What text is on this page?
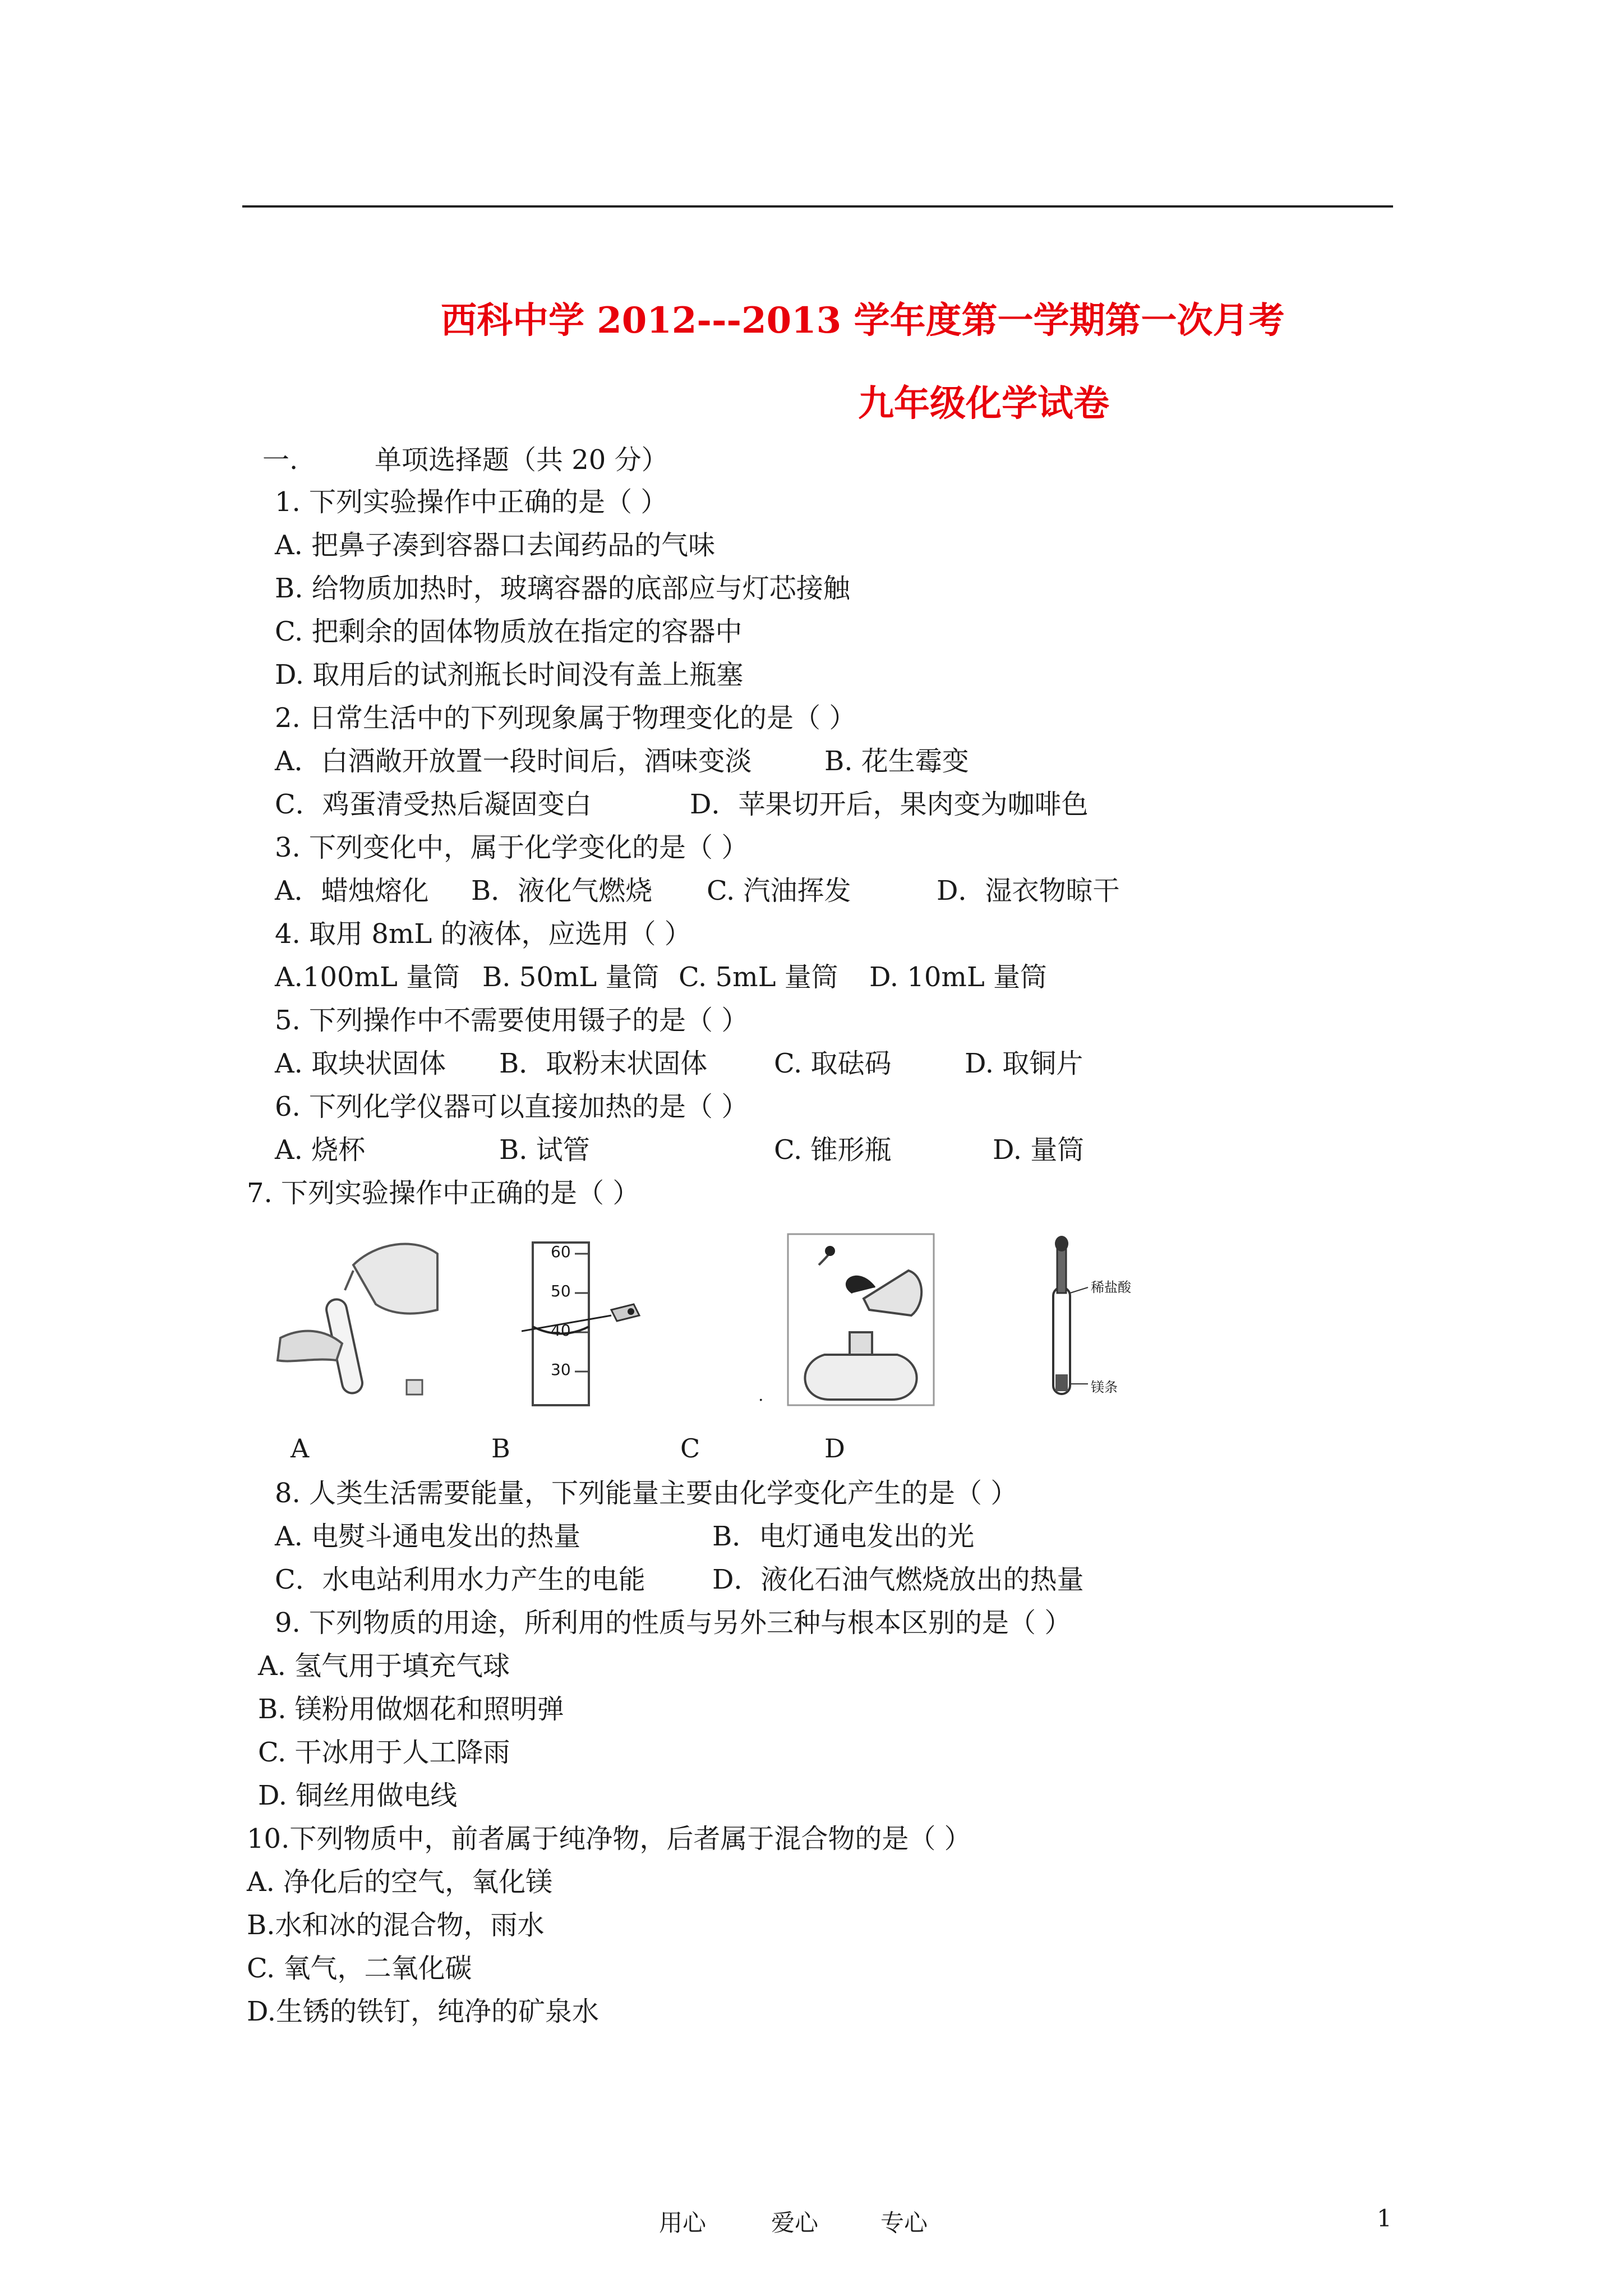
西科中学 2012---2013 学年度第一学期第一次月考
九年级化学试卷
一.	单项选择题（共 20 分）
1. 下列实验操作中正确的是（ ）
A. 把鼻子凑到容器口去闻药品的气味
B. 给物质加热时，玻璃容器的底部应与灯芯接触
C. 把剩余的固体物质放在指定的容器中
D. 取用后的试剂瓶长时间没有盖上瓶塞
2. 日常生活中的下列现象属于物理变化的是（ ）
A．白酒敞开放置一段时间后，酒味变淡	B. 花生霉变
C．鸡蛋清受热后凝固变白	D．苹果切开后，果肉变为咖啡色
3. 下列变化中，属于化学变化的是（ ）
A．蜡烛熔化 B．液化气燃烧 C. 汽油挥发	D．湿衣物晾干
4. 取用 8mL 的液体，应选用（ ）
A.100mL 量筒 B. 50mL 量筒 C. 5mL 量筒 D. 10mL 量筒
5. 下列操作中不需要使用镊子的是（ ）
A. 取块状固体 B．取粉末状固体 C. 取砝码	D. 取铜片
6. 下列化学仪器可以直接加热的是（ ）
A. 烧杯	B. 试管	C. 锥形瓶	D. 量筒
7. 下列实验操作中正确的是（ ）
60
50
40
30
稀盐酸
镁条
.
A	B	C	D
8. 人类生活需要能量，下列能量主要由化学变化产生的是（ ）
A. 电熨斗通电发出的热量	B．电灯通电发出的光
C．水电站利用水力产生的电能 D．液化石油气燃烧放出的热量
9. 下列物质的用途，所利用的性质与另外三种与根本区别的是（ ）
A. 氢气用于填充气球
B. 镁粉用做烟花和照明弹
C. 干冰用于人工降雨
D. 铜丝用做电线
10.下列物质中，前者属于纯净物，后者属于混合物的是（ ）
A. 净化后的空气，氧化镁
B.水和冰的混合物，雨水
C. 氧气，二氧化碳
D.生锈的铁钉，纯净的矿泉水
用心	爱心	专心	1
